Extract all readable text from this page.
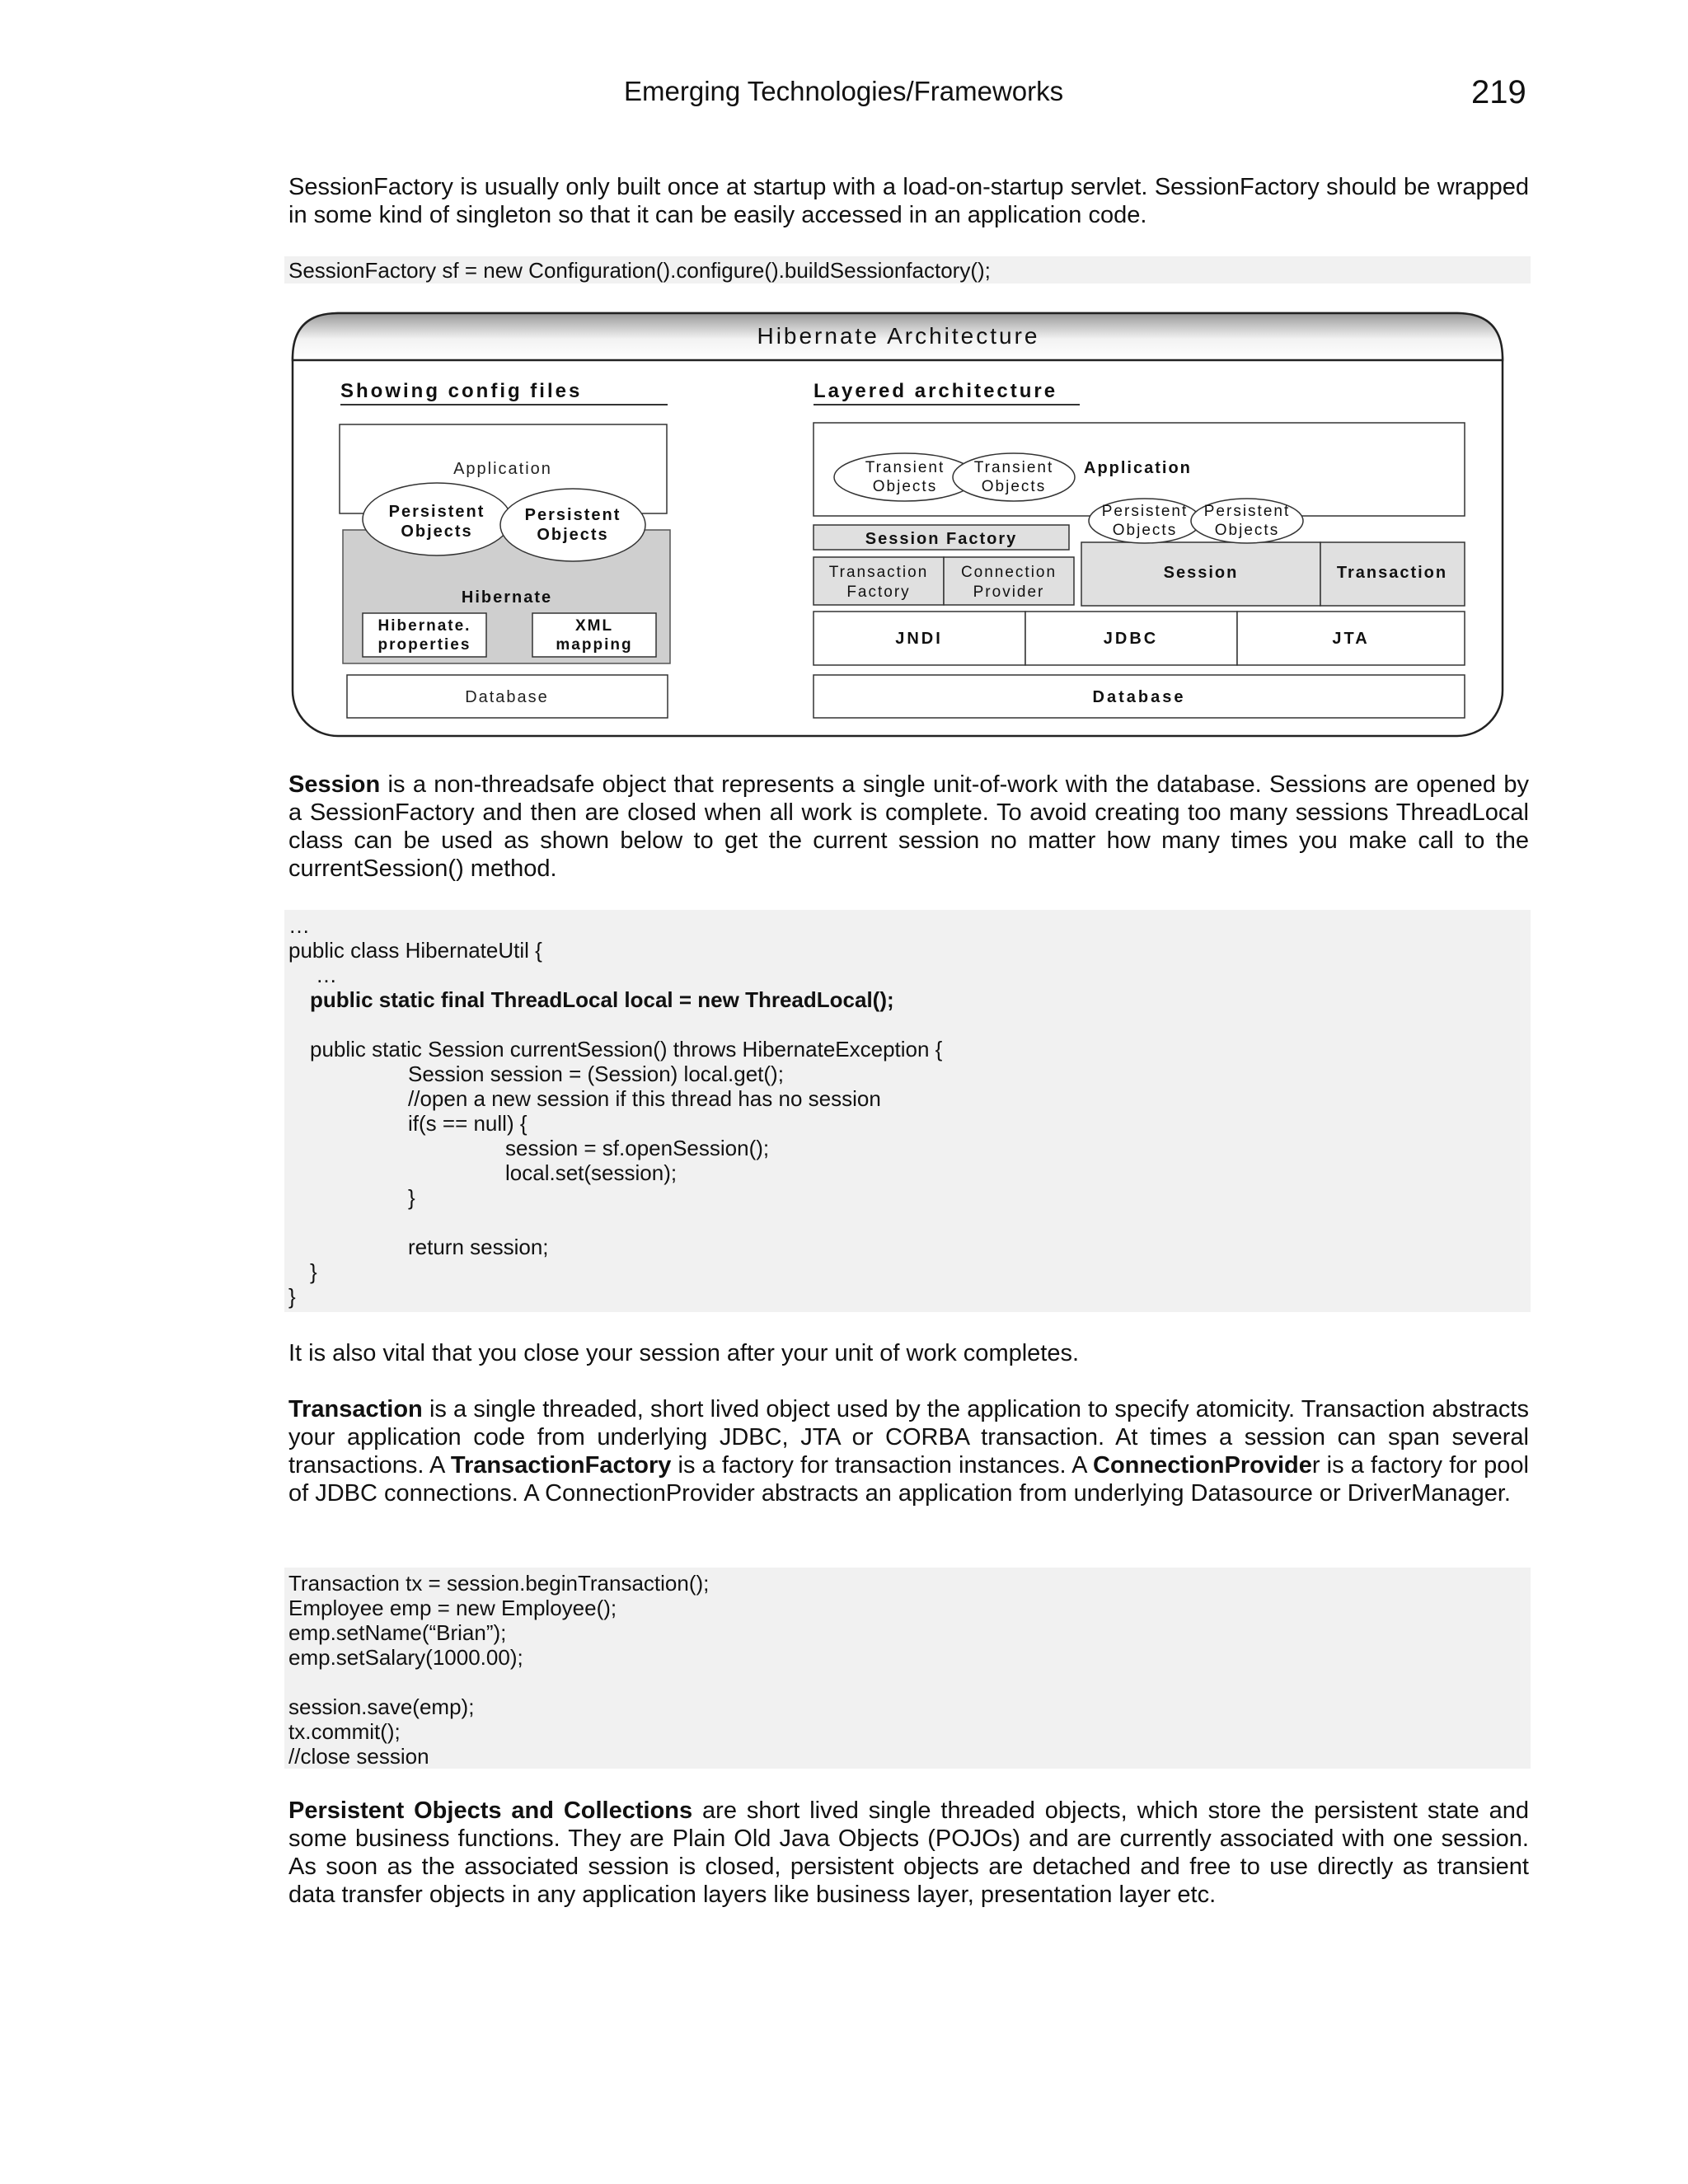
Emerging Technologies/Frameworks	219

SessionFactory is usually only built once at startup with a load-on-startup servlet. SessionFactory should be wrapped in some kind of singleton so that it can be easily accessed in an application code.

SessionFactory sf = new Configuration().configure().buildSessionfactory();
Hibernate Architecture
Showing config files	Layered architecture
Application
Hibernate
Persistent
Objects
Persistent
Objects
Hibernate.
properties
XML
mapping
Database
Application
Transient
Objects
Transient
Objects
Session Factory
Transaction
Factory
Connection
Provider
Session	Transaction
Persistent
Objects
Persistent
Objects
JNDI	JDBC	JTA
Database

Session is a non-threadsafe object that represents a single unit-of-work with the database. Sessions are opened by a SessionFactory and then are closed when all work is complete. To avoid creating too many sessions ThreadLocal class can be used as shown below to get the current session no matter how many times you make call to the currentSession() method.

…
public class HibernateUtil {
…
public static final ThreadLocal local = new ThreadLocal();
public static Session currentSession() throws HibernateException {
Session session = (Session) local.get();
//open a new session if this thread has no session
if(s == null) {
session = sf.openSession();
local.set(session);
}
return session;
}
}

It is also vital that you close your session after your unit of work completes.

Transaction is a single threaded, short lived object used by the application to specify atomicity. Transaction abstracts your application code from underlying JDBC, JTA or CORBA transaction. At times a session can span several transactions. A TransactionFactory is a factory for transaction instances. A ConnectionProvider is a factory for pool of JDBC connections. A ConnectionProvider abstracts an application from underlying Datasource or DriverManager.

Transaction tx = session.beginTransaction();
Employee emp = new Employee();
emp.setName(“Brian”);
emp.setSalary(1000.00);
session.save(emp);
tx.commit();
//close session

Persistent Objects and Collections are short lived single threaded objects, which store the persistent state and some business functions. They are Plain Old Java Objects (POJOs) and are currently associated with one session. As soon as the associated session is closed, persistent objects are detached and free to use directly as transient data transfer objects in any application layers like business layer, presentation layer etc.
